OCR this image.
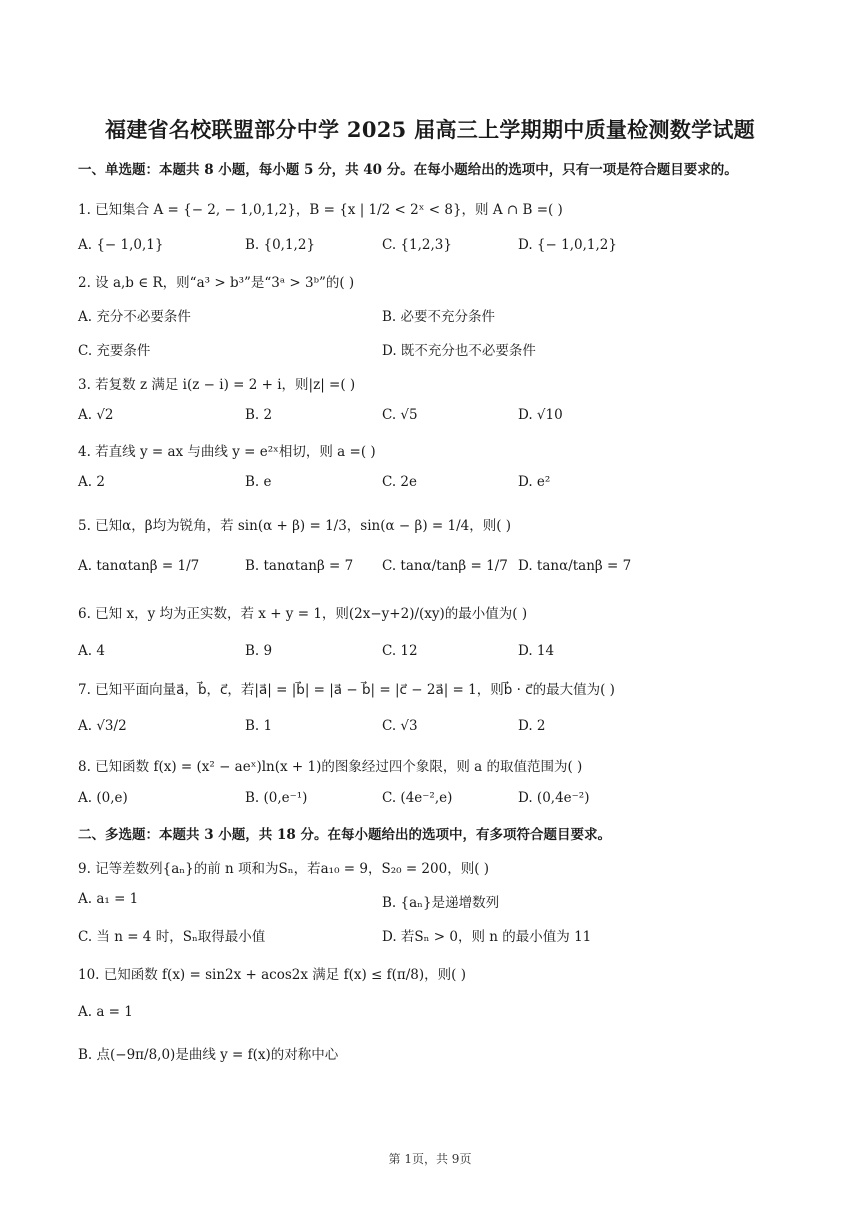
福建省名校联盟部分中学 2025 届高三上学期期中质量检测数学试题
一、单选题：本题共 8 小题，每小题 5 分，共 40 分。在每小题给出的选项中，只有一项是符合题目要求的。
1. 已知集合 A = {− 2, − 1,0,1,2}，B = {x | 1/2 < 2ˣ < 8}，则 A ∩ B =( )
A. {− 1,0,1}	B. {0,1,2}	C. {1,2,3}	D. {− 1,0,1,2}
2. 设 a,b ∈ R，则“a³ > b³”是“3ᵃ > 3ᵇ”的( )
A. 充分不必要条件	B. 必要不充分条件
C. 充要条件	D. 既不充分也不必要条件
3. 若复数 z 满足 i(z − i) = 2 + i，则|z| =( )
A. √2	B. 2	C. √5	D. √10
4. 若直线 y = ax 与曲线 y = e²ˣ相切，则 a =( )
A. 2	B. e	C. 2e	D. e²
5. 已知α，β均为锐角，若 sin(α + β) = 1/3，sin(α − β) = 1/4，则( )
A. tanαtanβ = 1/7	B. tanαtanβ = 7 C. tanα/tanβ = 1/7 D. tanα/tanβ = 7
6. 已知 x，y 均为正实数，若 x + y = 1，则(2x−y+2)/(xy)的最小值为( )
A. 4	B. 9	C. 12	D. 14
7. 已知平面向量a⃗，b⃗，c⃗，若|a⃗| = |b⃗| = |a⃗ − b⃗| = |c⃗ − 2a⃗| = 1，则b⃗ · c⃗的最大值为( )
A. √3/2	B. 1	C. √3	D. 2
8. 已知函数 f(x) = (x² − aeˣ)ln(x + 1)的图象经过四个象限，则 a 的取值范围为( )
A. (0,e)	B. (0,e⁻¹)	C. (4e⁻²,e)	D. (0,4e⁻²)
二、多选题：本题共 3 小题，共 18 分。在每小题给出的选项中，有多项符合题目要求。
9. 记等差数列{aₙ}的前 n 项和为Sₙ，若a₁₀ = 9，S₂₀ = 200，则( )
A. a₁ = 1	B. {aₙ}是递增数列
C. 当 n = 4 时，Sₙ取得最小值	D. 若Sₙ > 0，则 n 的最小值为 11
10. 已知函数 f(x) = sin2x + acos2x 满足 f(x) ≤ f(π/8)，则( )
A. a = 1
B. 点(−9π/8,0)是曲线 y = f(x)的对称中心
第 1页，共 9页
